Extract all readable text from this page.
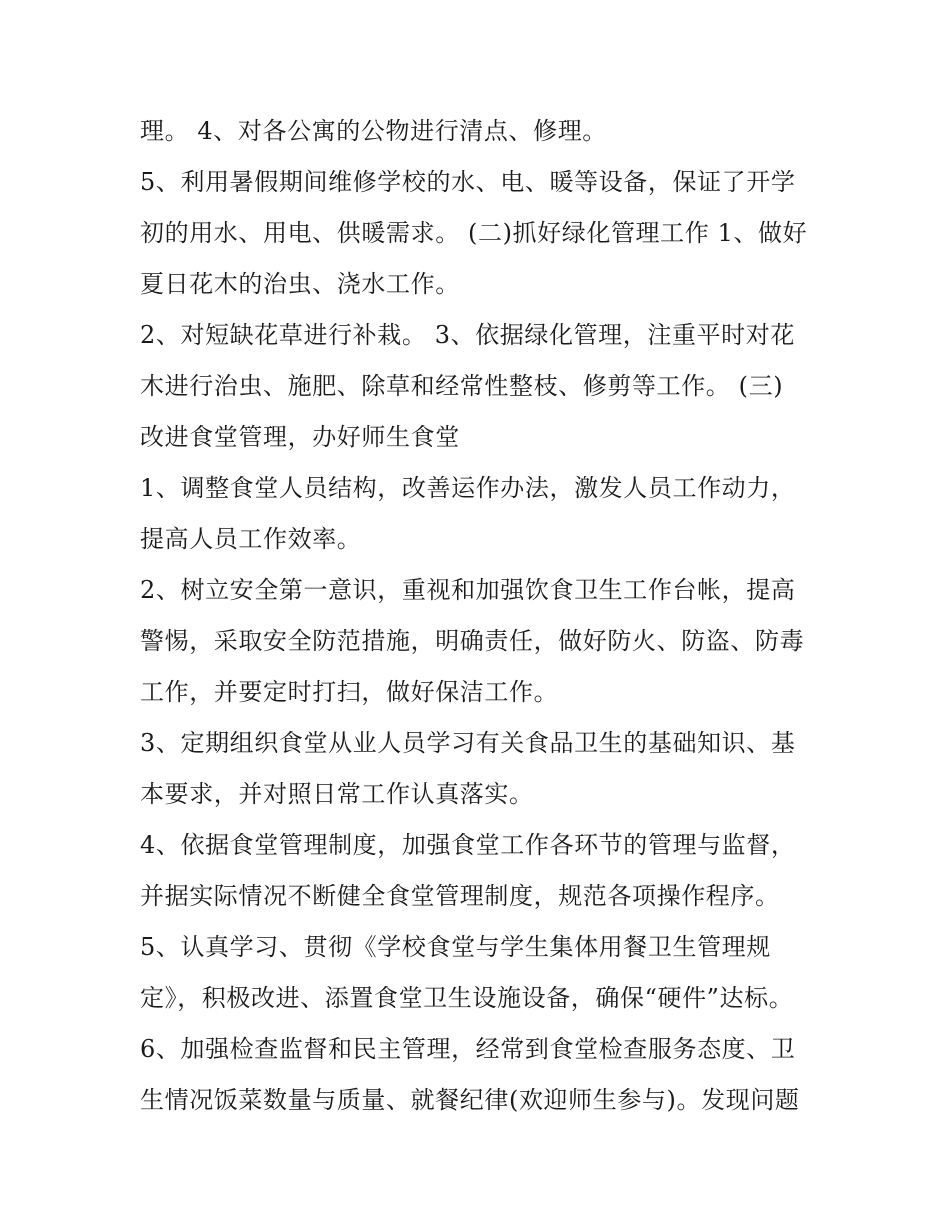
理。 4、对各公寓的公物进行清点、修理。
5、利用暑假期间维修学校的水、电、暖等设备，保证了开学
初的用水、用电、供暖需求。 (二)抓好绿化管理工作 1、做好
夏日花木的治虫、浇水工作。
2、对短缺花草进行补栽。 3、依据绿化管理，注重平时对花
木进行治虫、施肥、除草和经常性整枝、修剪等工作。 (三)
改进食堂管理，办好师生食堂
1、调整食堂人员结构，改善运作办法，激发人员工作动力，
提高人员工作效率。
2、树立安全第一意识，重视和加强饮食卫生工作台帐，提高
警惕，采取安全防范措施，明确责任，做好防火、防盗、防毒
工作，并要定时打扫，做好保洁工作。
3、定期组织食堂从业人员学习有关食品卫生的基础知识、基
本要求，并对照日常工作认真落实。
4、依据食堂管理制度，加强食堂工作各环节的管理与监督，
并据实际情况不断健全食堂管理制度，规范各项操作程序。
5、认真学习、贯彻《学校食堂与学生集体用餐卫生管理规
定》，积极改进、添置食堂卫生设施设备，确保“硬件”达标。
6、加强检查监督和民主管理，经常到食堂检查服务态度、卫
生情况饭菜数量与质量、就餐纪律(欢迎师生参与)。发现问题
